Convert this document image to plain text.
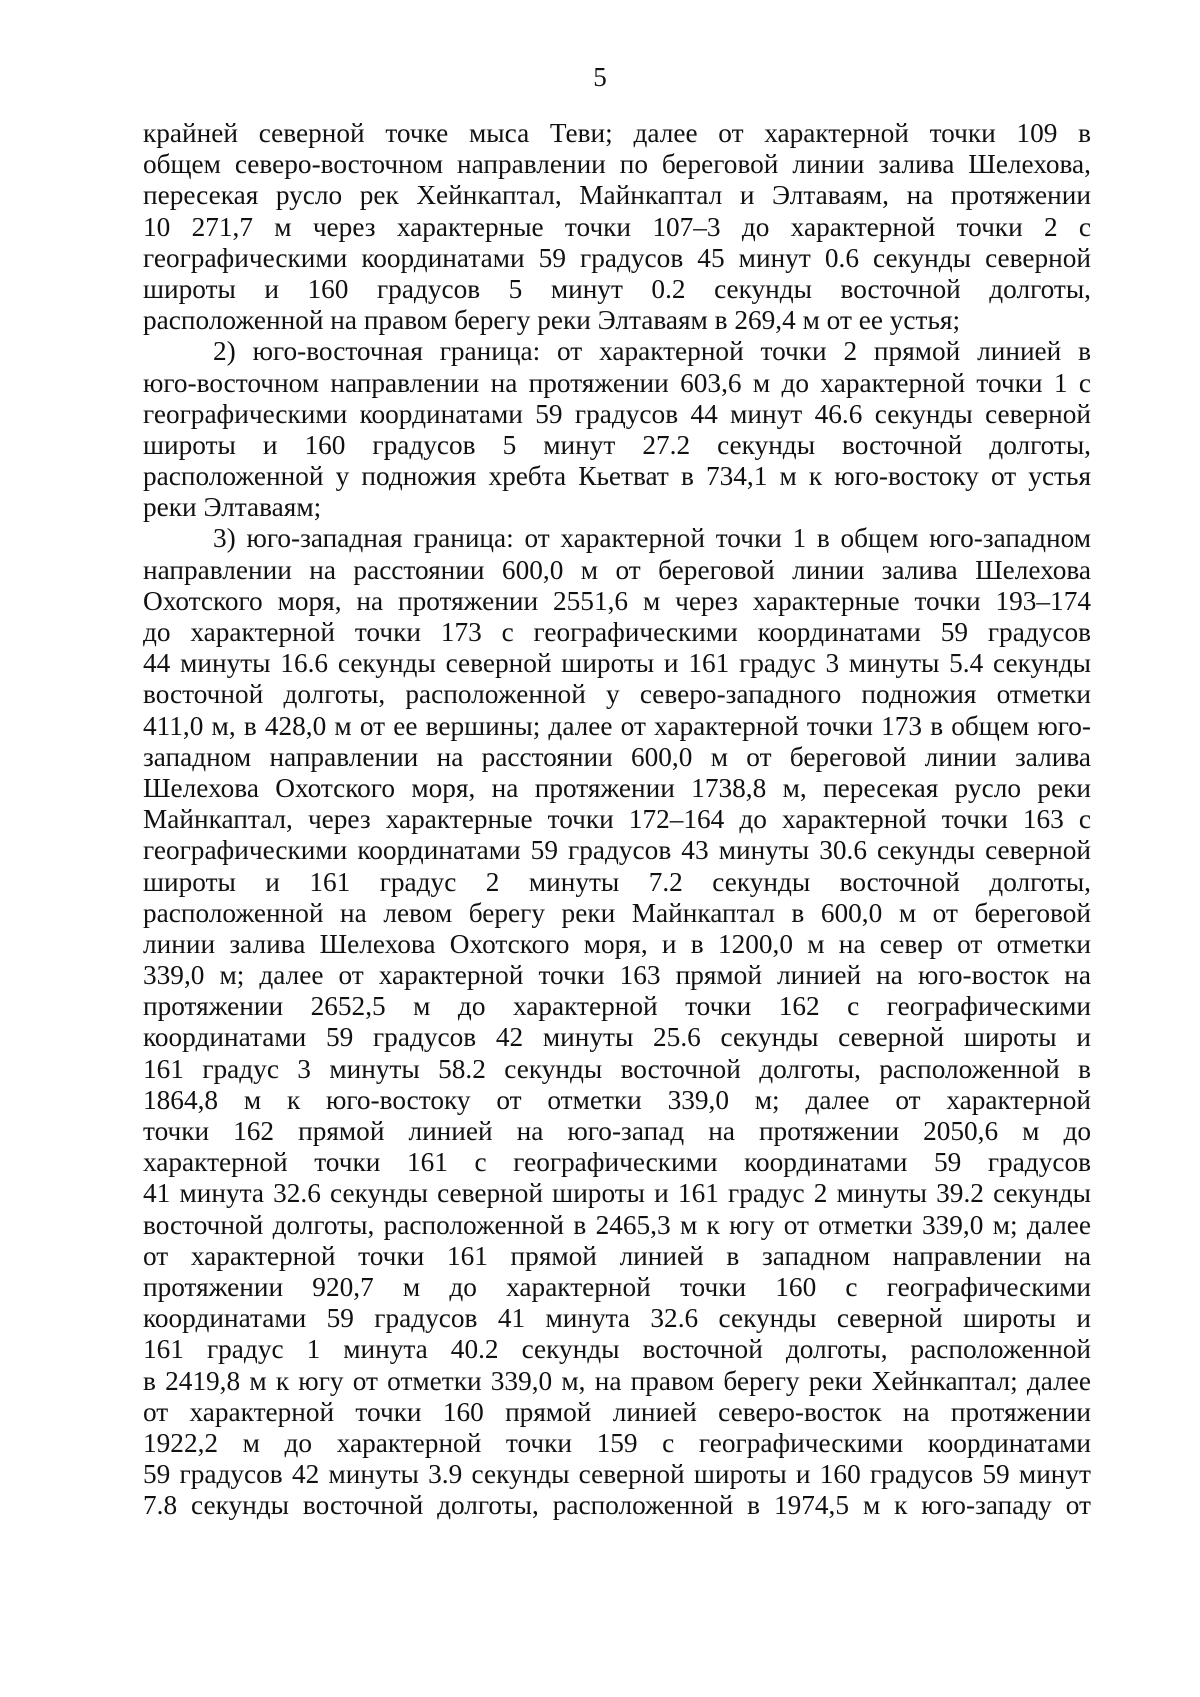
5
крайней северной точке мыса Теви; далее от характерной точки 109 в
общем северо-восточном направлении по береговой линии залива Шелехова,
пересекая русло рек Хейнкаптал, Майнкаптал и Элтаваям, на протяжении
10 271,7 м через характерные точки 107–3 до характерной точки 2 с
географическими координатами 59 градусов 45 минут 0.6 секунды северной
широты и 160 градусов 5 минут 0.2 секунды восточной долготы,
расположенной на правом берегу реки Элтаваям в 269,4 м от ее устья;
2) юго-восточная граница: от характерной точки 2 прямой линией в
юго-восточном направлении на протяжении 603,6 м до характерной точки 1 с
географическими координатами 59 градусов 44 минут 46.6 секунды северной
широты и 160 градусов 5 минут 27.2 секунды восточной долготы,
расположенной у подножия хребта Кьетват в 734,1 м к юго-востоку от устья
реки Элтаваям;
3) юго-западная граница: от характерной точки 1 в общем юго-западном
направлении на расстоянии 600,0 м от береговой линии залива Шелехова
Охотского моря, на протяжении 2551,6 м через характерные точки 193–174
до характерной точки 173 с географическими координатами 59 градусов
44 минуты 16.6 секунды северной широты и 161 градус 3 минуты 5.4 секунды
восточной долготы, расположенной у северо-западного подножия отметки
411,0 м, в 428,0 м от ее вершины; далее от характерной точки 173 в общем юго-
западном направлении на расстоянии 600,0 м от береговой линии залива
Шелехова Охотского моря, на протяжении 1738,8 м, пересекая русло реки
Майнкаптал, через характерные точки 172–164 до характерной точки 163 с
географическими координатами 59 градусов 43 минуты 30.6 секунды северной
широты и 161 градус 2 минуты 7.2 секунды восточной долготы,
расположенной на левом берегу реки Майнкаптал в 600,0 м от береговой
линии залива Шелехова Охотского моря, и в 1200,0 м на север от отметки
339,0 м; далее от характерной точки 163 прямой линией на юго-восток на
протяжении 2652,5 м до характерной точки 162 с географическими
координатами 59 градусов 42 минуты 25.6 секунды северной широты и
161 градус 3 минуты 58.2 секунды восточной долготы, расположенной в
1864,8 м к юго-востоку от отметки 339,0 м; далее от характерной
точки 162 прямой линией на юго-запад на протяжении 2050,6 м до
характерной точки 161 с географическими координатами 59 градусов
41 минута 32.6 секунды северной широты и 161 градус 2 минуты 39.2 секунды
восточной долготы, расположенной в 2465,3 м к югу от отметки 339,0 м; далее
от характерной точки 161 прямой линией в западном направлении на
протяжении 920,7 м до характерной точки 160 с географическими
координатами 59 градусов 41 минута 32.6 секунды северной широты и
161 градус 1 минута 40.2 секунды восточной долготы, расположенной
в 2419,8 м к югу от отметки 339,0 м, на правом берегу реки Хейнкаптал; далее
от характерной точки 160 прямой линией северо-восток на протяжении
1922,2 м до характерной точки 159 с географическими координатами
59 градусов 42 минуты 3.9 секунды северной широты и 160 градусов 59 минут
7.8 секунды восточной долготы, расположенной в 1974,5 м к юго-западу от
